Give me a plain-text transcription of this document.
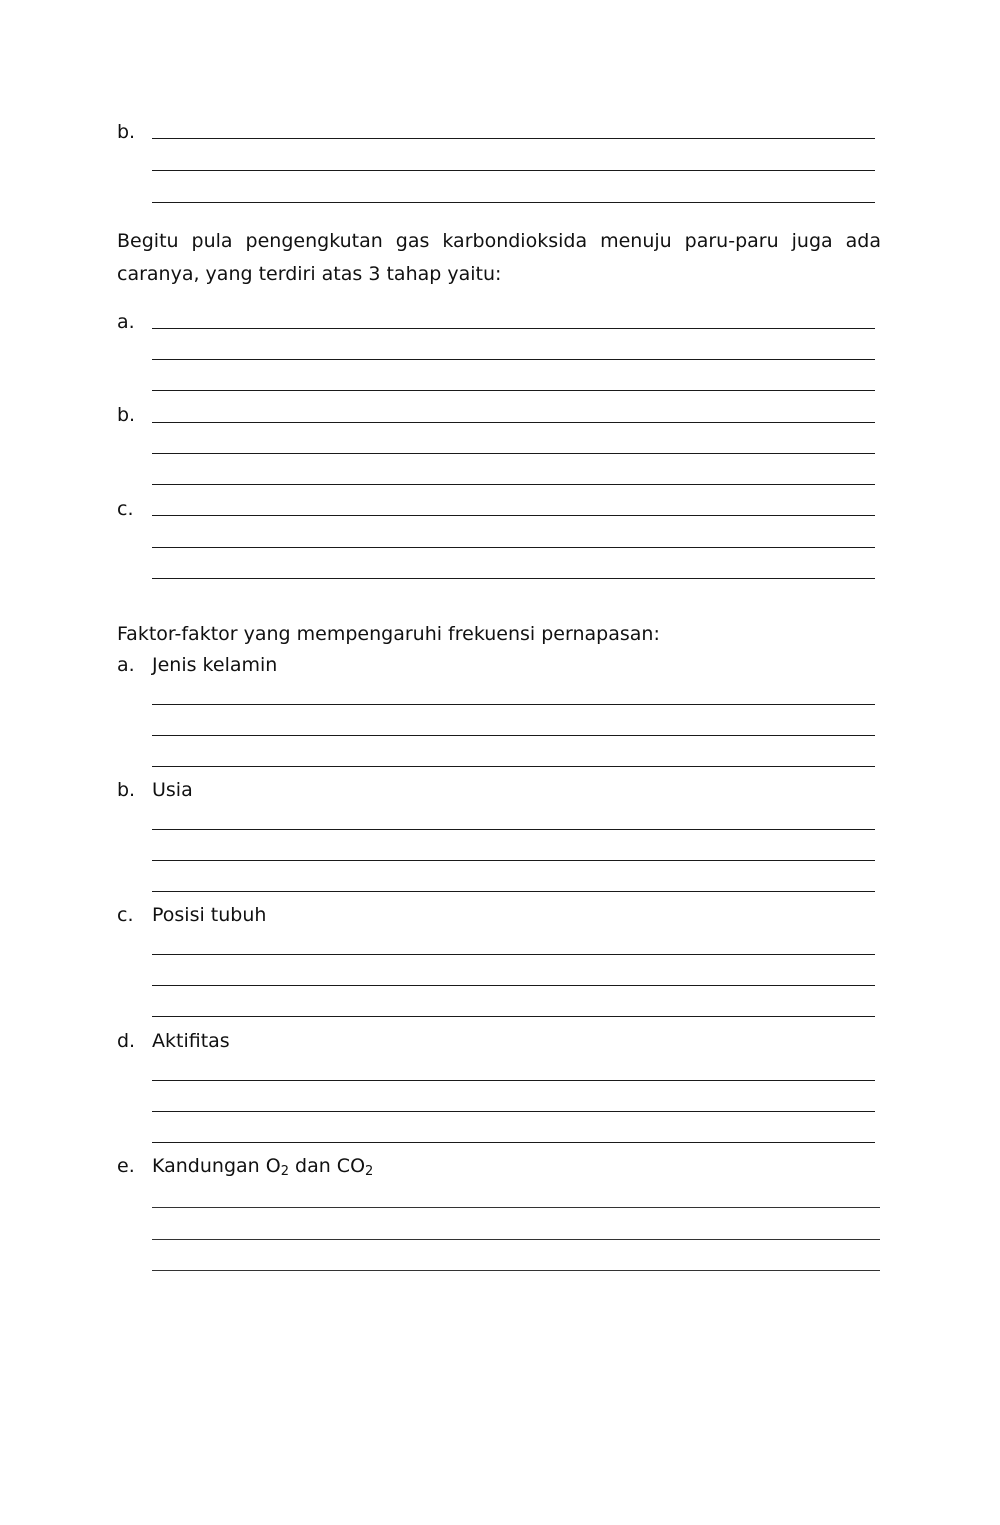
b.

Begitu pula pengengkutan gas karbondioksida menuju paru-paru juga ada caranya, yang terdiri atas 3 tahap yaitu:

a.
b.
c.
Faktor-faktor yang mempengaruhi frekuensi pernapasan:
a. Jenis kelamin
b. Usia
c. Posisi tubuh
d. Aktifitas
e. Kandungan $O_2$ dan $CO_2$
